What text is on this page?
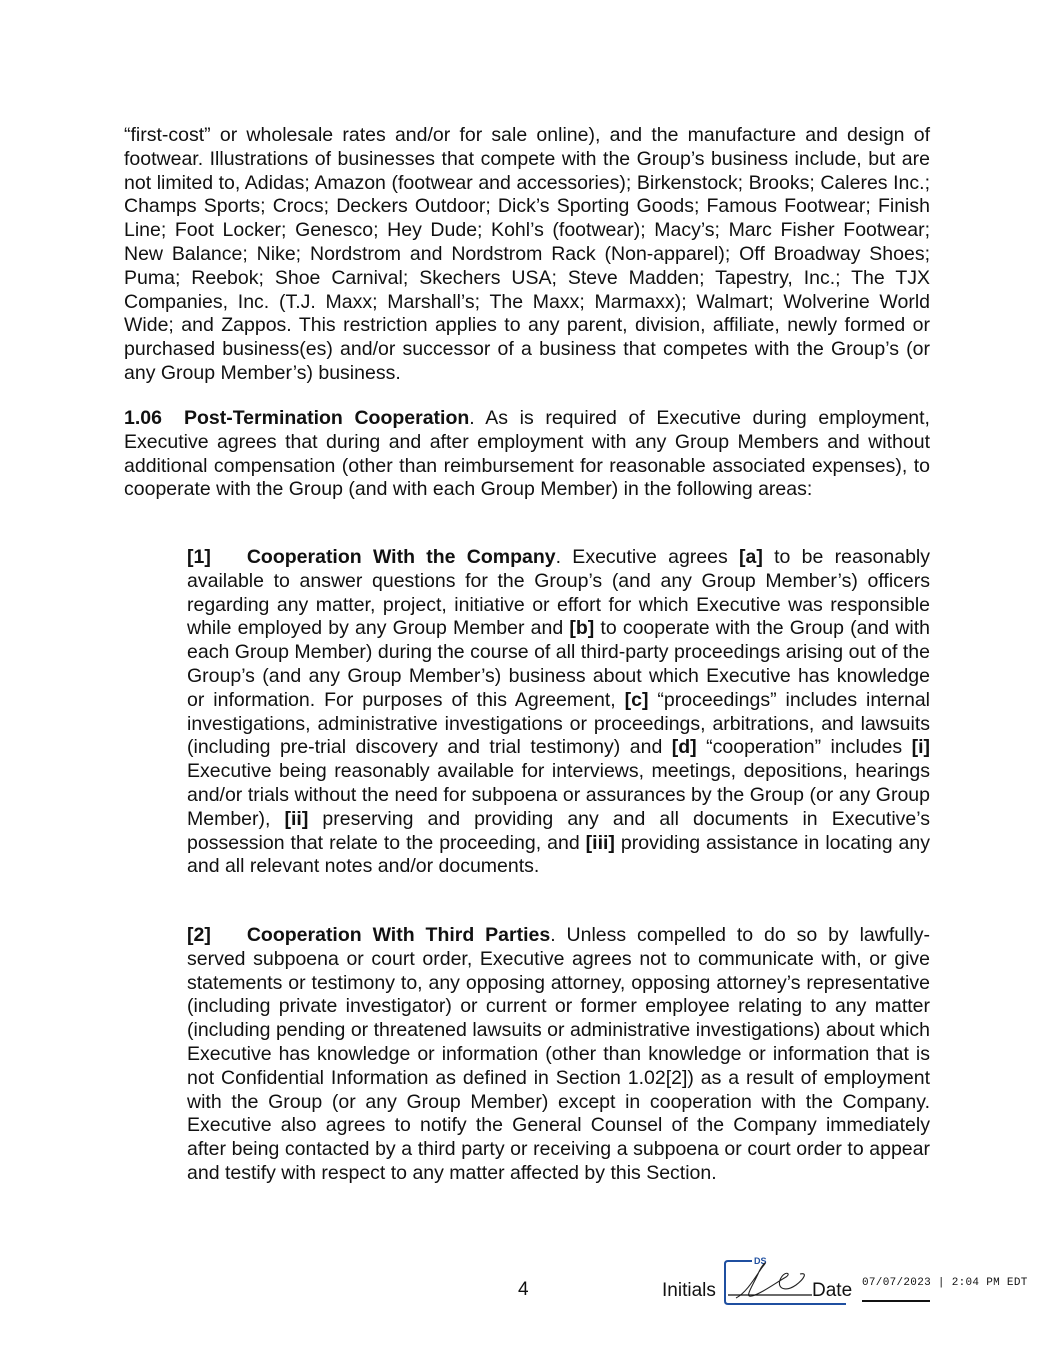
“first-cost” or wholesale rates and/or for sale online), and the manufacture and design of footwear. Illustrations of businesses that compete with the Group’s business include, but are not limited to, Adidas; Amazon (footwear and accessories); Birkenstock; Brooks; Caleres Inc.; Champs Sports; Crocs; Deckers Outdoor; Dick’s Sporting Goods; Famous Footwear; Finish Line; Foot Locker; Genesco; Hey Dude; Kohl’s (footwear); Macy’s; Marc Fisher Footwear; New Balance; Nike; Nordstrom and Nordstrom Rack (Non-apparel); Off Broadway Shoes; Puma; Reebok; Shoe Carnival; Skechers USA; Steve Madden; Tapestry, Inc.; The TJX Companies, Inc. (T.J. Maxx; Marshall’s; The Maxx; Marmaxx); Walmart; Wolverine World Wide; and Zappos. This restriction applies to any parent, division, affiliate, newly formed or purchased business(es) and/or successor of a business that competes with the Group’s (or any Group Member’s) business.

1.06 Post-Termination Cooperation. As is required of Executive during employment, Executive agrees that during and after employment with any Group Members and without additional compensation (other than reimbursement for reasonable associated expenses), to cooperate with the Group (and with each Group Member) in the following areas:

[1] Cooperation With the Company. Executive agrees [a] to be reasonably available to answer questions for the Group’s (and any Group Member’s) officers regarding any matter, project, initiative or effort for which Executive was responsible while employed by any Group Member and [b] to cooperate with the Group (and with each Group Member) during the course of all third-party proceedings arising out of the Group’s (and any Group Member’s) business about which Executive has knowledge or information. For purposes of this Agreement, [c] “proceedings” includes internal investigations, administrative investigations or proceedings, arbitrations, and lawsuits (including pre-trial discovery and trial testimony) and [d] “cooperation” includes [i] Executive being reasonably available for interviews, meetings, depositions, hearings and/or trials without the need for subpoena or assurances by the Group (or any Group Member), [ii] preserving and providing any and all documents in Executive’s possession that relate to the proceeding, and [iii] providing assistance in locating any and all relevant notes and/or documents.

[2] Cooperation With Third Parties. Unless compelled to do so by lawfully-served subpoena or court order, Executive agrees not to communicate with, or give statements or testimony to, any opposing attorney, opposing attorney’s representative (including private investigator) or current or former employee relating to any matter (including pending or threatened lawsuits or administrative investigations) about which Executive has knowledge or information (other than knowledge or information that is not Confidential Information as defined in Section 1.02[2]) as a result of employment with the Group (or any Group Member) except in cooperation with the Company. Executive also agrees to notify the General Counsel of the Company immediately after being contacted by a third party or receiving a subpoena or court order to appear and testify with respect to any matter affected by this Section.

4	Initials
DS
Date 07/07/2023 | 2:04 PM EDT
